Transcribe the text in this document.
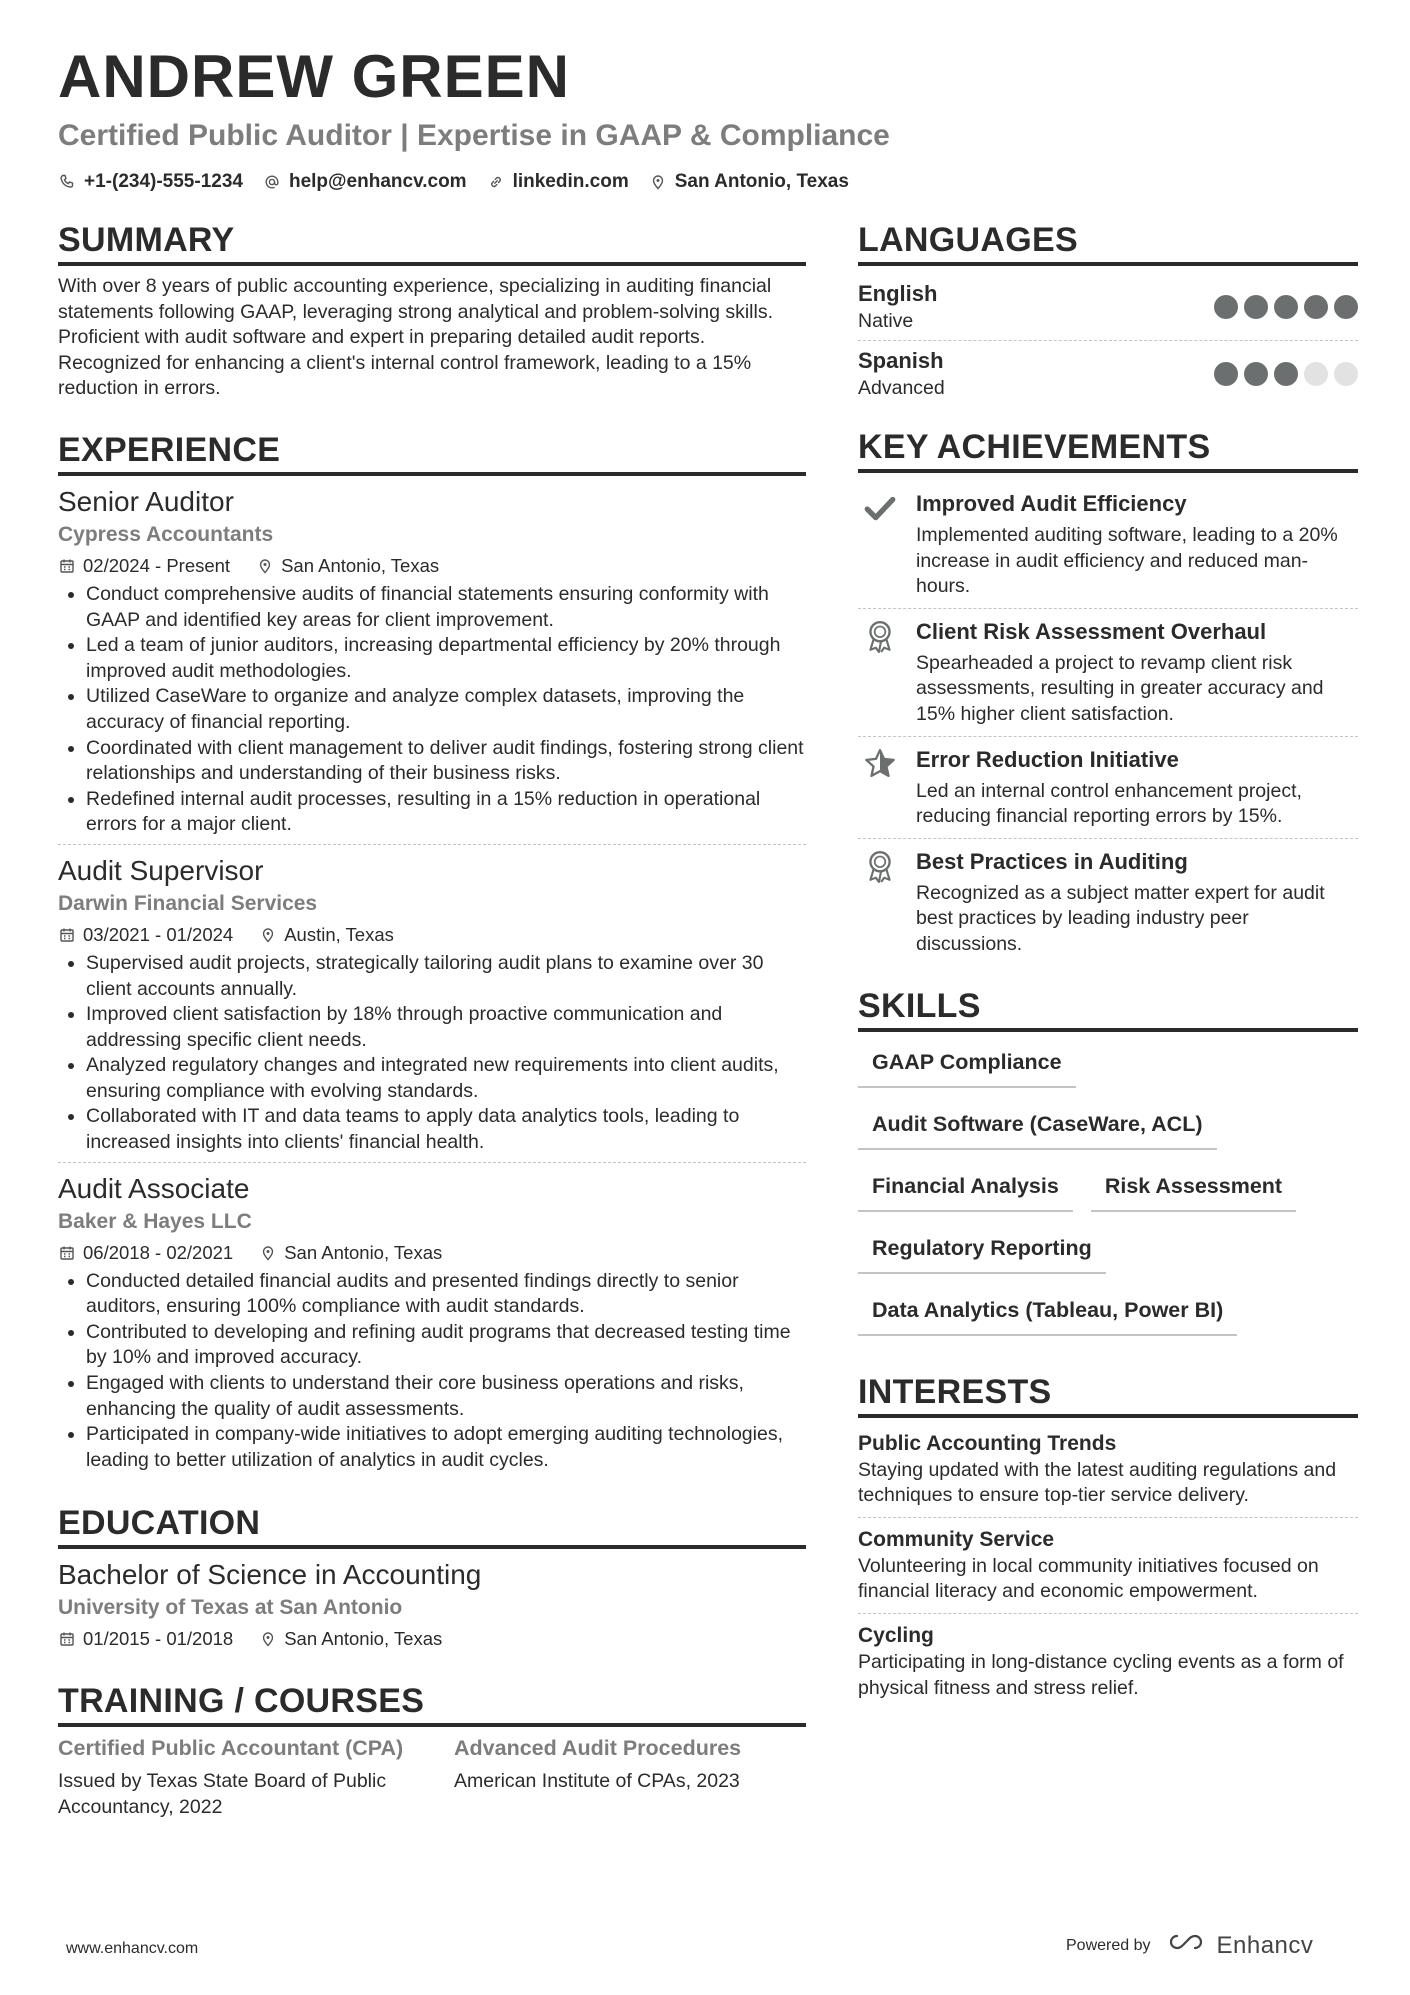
ANDREW GREEN
Certified Public Auditor | Expertise in GAAP & Compliance
+1-(234)-555-1234 help@enhancv.com linkedin.com San Antonio, Texas
SUMMARY
With over 8 years of public accounting experience, specializing in auditing financial statements following GAAP, leveraging strong analytical and problem-solving skills. Proficient with audit software and expert in preparing detailed audit reports. Recognized for enhancing a client's internal control framework, leading to a 15% reduction in errors.
EXPERIENCE
Senior Auditor
Cypress Accountants
02/2024 - Present	San Antonio, Texas
• Conduct comprehensive audits of financial statements ensuring conformity with GAAP and identified key areas for client improvement.
• Led a team of junior auditors, increasing departmental efficiency by 20% through improved audit methodologies.
• Utilized CaseWare to organize and analyze complex datasets, improving the accuracy of financial reporting.
• Coordinated with client management to deliver audit findings, fostering strong client relationships and understanding of their business risks.
• Redefined internal audit processes, resulting in a 15% reduction in operational errors for a major client.
Audit Supervisor
Darwin Financial Services
03/2021 - 01/2024	Austin, Texas
• Supervised audit projects, strategically tailoring audit plans to examine over 30 client accounts annually.
• Improved client satisfaction by 18% through proactive communication and addressing specific client needs.
• Analyzed regulatory changes and integrated new requirements into client audits, ensuring compliance with evolving standards.
• Collaborated with IT and data teams to apply data analytics tools, leading to increased insights into clients' financial health.
Audit Associate
Baker & Hayes LLC
06/2018 - 02/2021	San Antonio, Texas
• Conducted detailed financial audits and presented findings directly to senior auditors, ensuring 100% compliance with audit standards.
• Contributed to developing and refining audit programs that decreased testing time by 10% and improved accuracy.
• Engaged with clients to understand their core business operations and risks, enhancing the quality of audit assessments.
• Participated in company-wide initiatives to adopt emerging auditing technologies, leading to better utilization of analytics in audit cycles.
EDUCATION
Bachelor of Science in Accounting
University of Texas at San Antonio
01/2015 - 01/2018	San Antonio, Texas
TRAINING / COURSES
Certified Public Accountant (CPA)
Issued by Texas State Board of Public Accountancy, 2022
Advanced Audit Procedures
American Institute of CPAs, 2023
LANGUAGES
English
Native
Spanish
Advanced
KEY ACHIEVEMENTS
Improved Audit Efficiency
Implemented auditing software, leading to a 20% increase in audit efficiency and reduced man-hours.
Client Risk Assessment Overhaul
Spearheaded a project to revamp client risk assessments, resulting in greater accuracy and 15% higher client satisfaction.
Error Reduction Initiative
Led an internal control enhancement project, reducing financial reporting errors by 15%.
Best Practices in Auditing
Recognized as a subject matter expert for audit best practices by leading industry peer discussions.
SKILLS
GAAP Compliance
Audit Software (CaseWare, ACL)
Financial Analysis	Risk Assessment
Regulatory Reporting
Data Analytics (Tableau, Power BI)
INTERESTS
Public Accounting Trends
Staying updated with the latest auditing regulations and techniques to ensure top-tier service delivery.
Community Service
Volunteering in local community initiatives focused on financial literacy and economic empowerment.
Cycling
Participating in long-distance cycling events as a form of physical fitness and stress relief.
www.enhancv.com	Powered by	Enhancv
